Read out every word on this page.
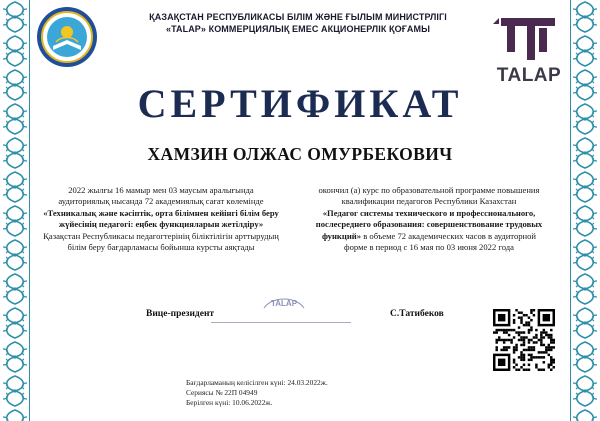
ҚАЗАҚСТАН РЕСПУБЛИКАСЫ БІЛІМ ЖӘНЕ ҒЫЛЫМ МИНИСТРЛІГІ
«TALAP» КОММЕРЦИЯЛЫҚ ЕМЕС АКЦИОНЕРЛІК ҚОҒАМЫ
TALAP
СЕРТИФИКАТ
ХАМЗИН ОЛЖАС ОМУРБЕКОВИЧ
2022 жылғы 16 мамыр мен 03 маусым аралығында
аудиториялық нысанда 72 академиялық сағат көлемінде
«Техникалық және кәсіптік, орта білімнен кейінгі білім беру
жүйесінің педагогі: еңбек функцияларын жетілдіру»
Қазақстан Республикасы педагогтерінің біліктілігін арттырудың
білім беру бағдарламасы бойынша курсты аяқтады
окончил (а) курс по образовательной программе повышения
квалификации педагогов Республики Казахстан
«Педагог системы технического и профессионального,
послесреднего образования: совершенствование трудовых
функций» в объеме 72 академических часов в аудиторной
форме в период с 16 мая по 03 июня 2022 года
Вице-президент
TALAP
С.Татибеков
Бағдарламаның келісілген күні: 24.03.2022ж.
Сериясы № 22П 04949
Берілген күні: 10.06.2022ж.
